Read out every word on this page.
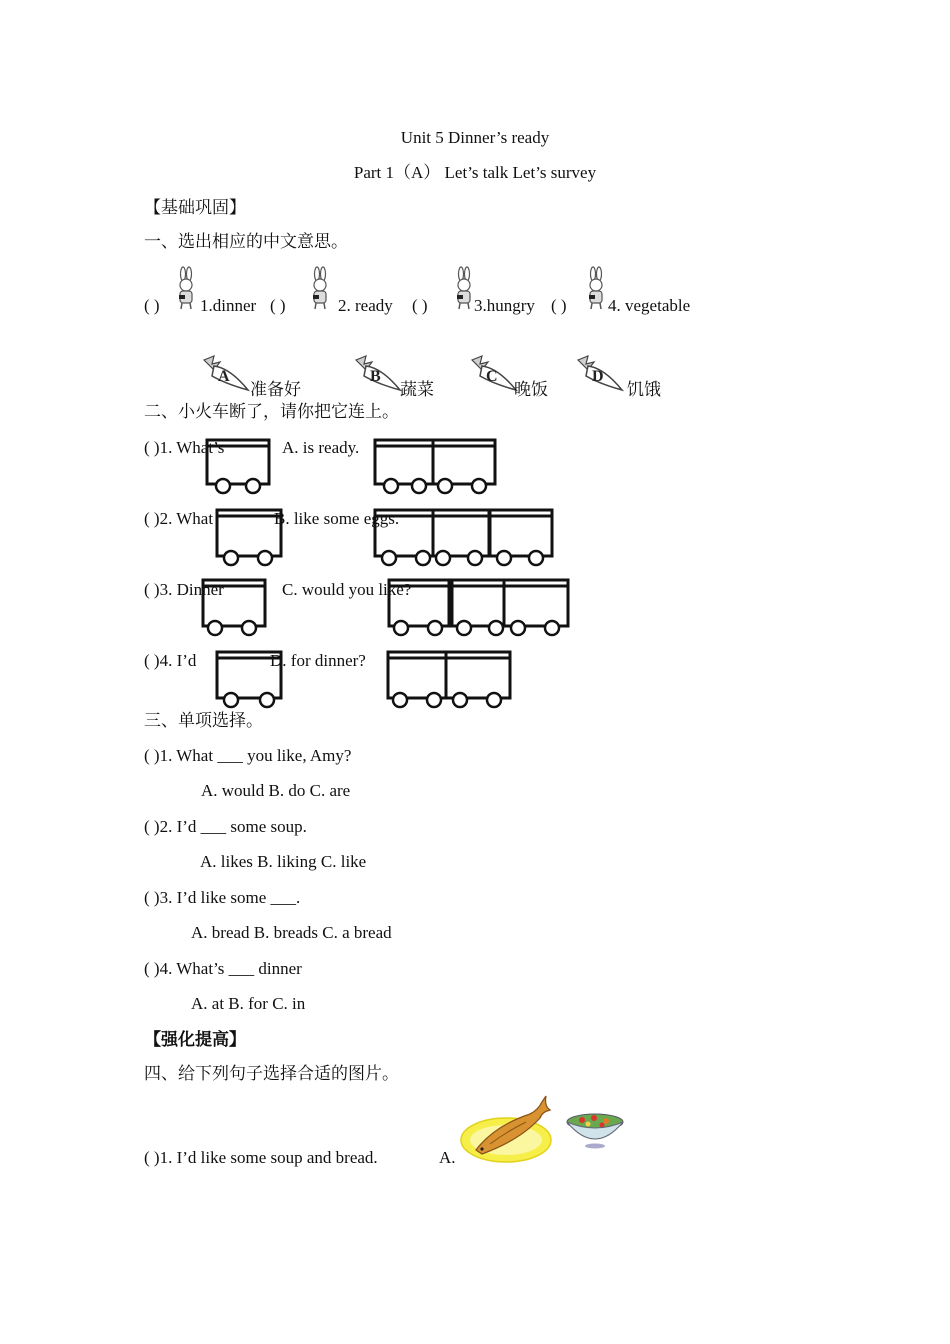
Unit 5 Dinner’s ready
Part 1（A） Let’s talk Let’s survey
【基础巩固】
一、选出相应的中文意思。
( ) 1.dinner ( )	2. ready ( )	3.hungry ( ) 4. vegetable
A	B	C	D
准备好	蔬菜	晚饭	饥饿
二、小火车断了，请你把它连上。
( )1. What’s	A. is ready.
( )2. What	B. like some eggs.
( )3. Dinner	C. would you like?
( )4. I’d	D. for dinner?
三、单项选择。
( )1. What ___ you like, Amy?
A. would B. do C. are
( )2. I’d ___ some soup.
A. likes B. liking C. like
( )3. I’d like some ___.
A. bread B. breads C. a bread
( )4. What’s ___ dinner
A. at B. for C. in
【强化提高】
四、给下列句子选择合适的图片。
( )1. I’d like some soup and bread.	A.
